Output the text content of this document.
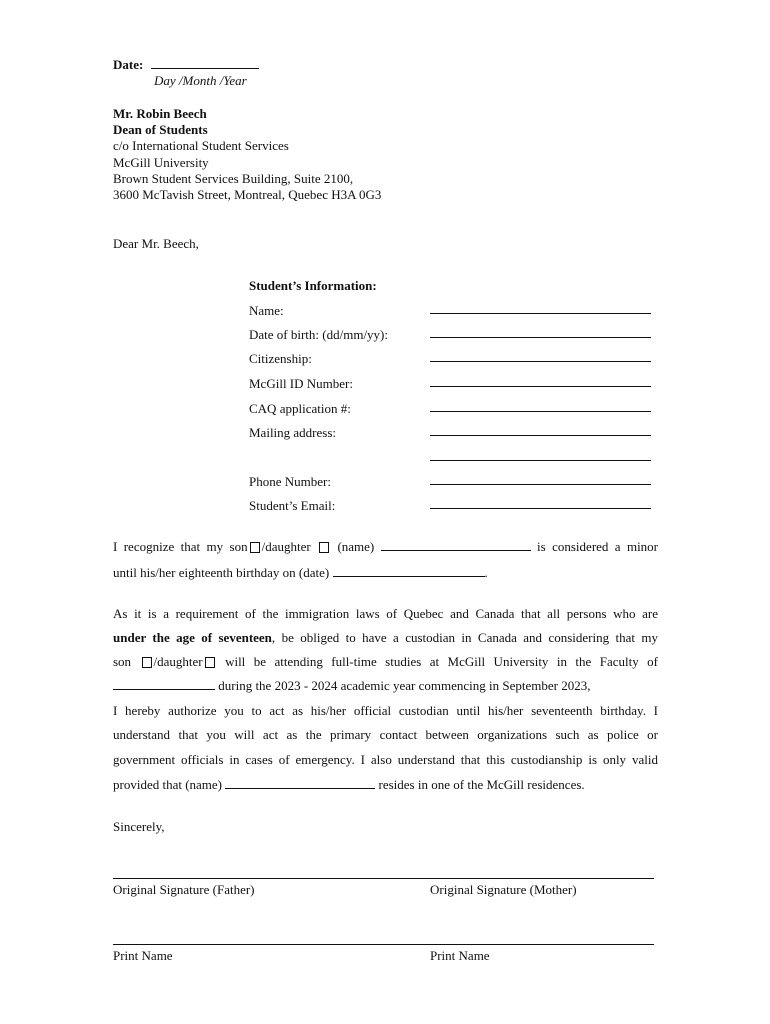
Date:
Day /Month /Year
Mr. Robin Beech
Dean of Students
c/o International Student Services
McGill University
Brown Student Services Building, Suite 2100,
3600 McTavish Street, Montreal, Quebec H3A 0G3
Dear Mr. Beech,
Student’s Information:
Name:
Date of birth: (dd/mm/yy):
Citizenship:
McGill ID Number:
CAQ application #:
Mailing address:
Phone Number:
Student’s Email:
I recognize that my son /daughter (name)	is considered a minor
until his/her eighteenth birthday on (date)	.
As it is a requirement of the immigration laws of Quebec and Canada that all persons who are
under the age of seventeen, be obliged to have a custodian in Canada and considering that my
son /daughter will be attending full-time studies at McGill University in the Faculty of
during the 2023 - 2024 academic year commencing in September 2023,
I hereby authorize you to act as his/her official custodian until his/her seventeenth birthday. I
understand that you will act as the primary contact between organizations such as police or
government officials in cases of emergency. I also understand that this custodianship is only valid
provided that (name)	resides in one of the McGill residences.
Sincerely,
Original Signature (Father)	Original Signature (Mother)
Print Name	Print Name
